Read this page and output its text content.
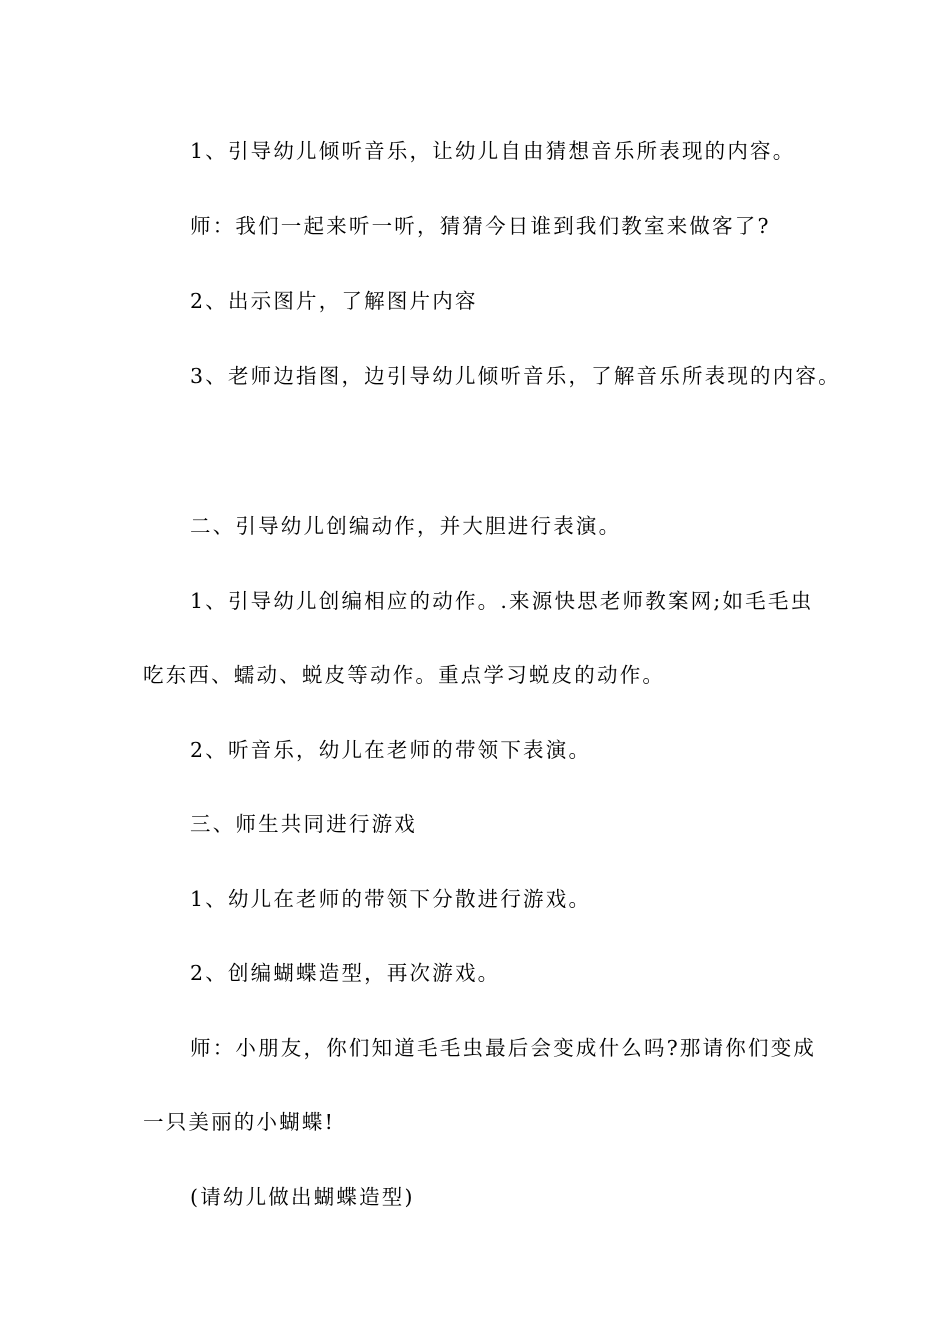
1、引导幼儿倾听音乐，让幼儿自由猜想音乐所表现的内容。
师：我们一起来听一听，猜猜今日谁到我们教室来做客了?
2、出示图片，了解图片内容
3、老师边指图，边引导幼儿倾听音乐，了解音乐所表现的内容。
二、引导幼儿创编动作，并大胆进行表演。
1、引导幼儿创编相应的动作。.来源快思老师教案网;如毛毛虫
吃东西、蠕动、蜕皮等动作。重点学习蜕皮的动作。
2、听音乐，幼儿在老师的带领下表演。
三、师生共同进行游戏
1、幼儿在老师的带领下分散进行游戏。
2、创编蝴蝶造型，再次游戏。
师：小朋友，你们知道毛毛虫最后会变成什么吗?那请你们变成
一只美丽的小蝴蝶!
(请幼儿做出蝴蝶造型)
